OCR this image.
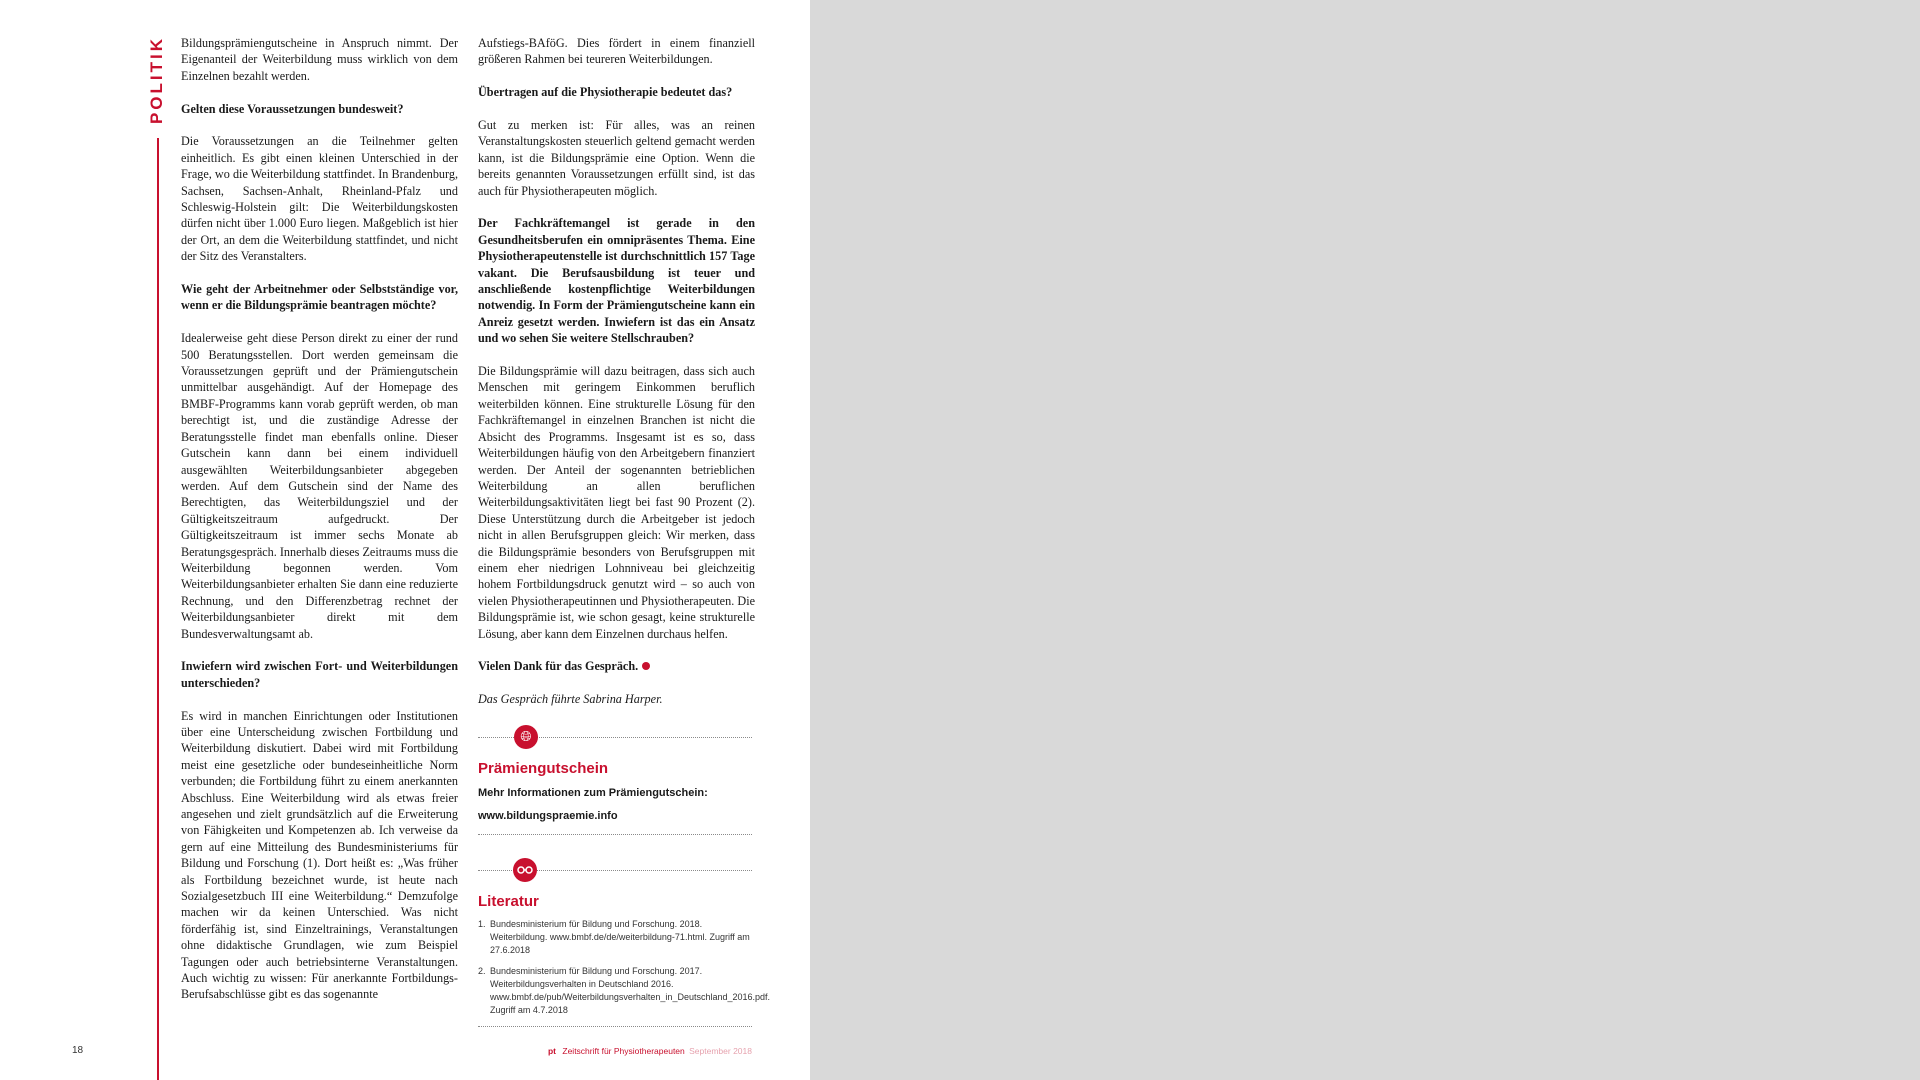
POLITIK Bildungsprämiengutscheine in Anspruch nimmt. Der Eigenanteil der Weiterbildung muss wirklich von dem Einzelnen bezahlt werden.

Gelten diese Voraussetzungen bundesweit?

Die Voraussetzungen an die Teilnehmer gelten einheitlich. Es gibt einen kleinen Unterschied in der Frage, wo die Weiterbildung stattfindet. In Brandenburg, Sachsen, Sachsen-Anhalt, Rheinland-Pfalz und Schleswig-Holstein gilt: Die Weiterbildungskosten dürfen nicht über 1.000 Euro liegen. Maßgeblich ist hier der Ort, an dem die Weiterbildung stattfindet, und nicht der Sitz des Veranstalters.

Wie geht der Arbeitnehmer oder Selbstständige vor, wenn er die Bildungsprämie beantragen möchte?

Idealerweise geht diese Person direkt zu einer der rund 500 Beratungsstellen. Dort werden gemeinsam die Voraussetzungen geprüft und der Prämiengutschein unmittelbar ausgehändigt. Auf der Homepage des BMBF-Programms kann vorab geprüft werden, ob man berechtigt ist, und die zuständige Adresse der Beratungsstelle findet man ebenfalls online. Dieser Gutschein kann dann bei einem individuell ausgewählten Weiterbildungsanbieter abgegeben werden. Auf dem Gutschein sind der Name des Berechtigten, das Weiterbildungsziel und der Gültigkeitszeitraum aufgedruckt. Der Gültigkeitszeitraum ist immer sechs Monate ab Beratungsgespräch. Innerhalb dieses Zeitraums muss die Weiterbildung begonnen werden. Vom Weiterbildungsanbieter erhalten Sie dann eine reduzierte Rechnung, und den Differenzbetrag rechnet der Weiterbildungsanbieter direkt mit dem Bundesverwaltungsamt ab.

Inwiefern wird zwischen Fort- und Weiterbildungen unterschieden?

Es wird in manchen Einrichtungen oder Institutionen über eine Unterscheidung zwischen Fortbildung und Weiterbildung diskutiert. Dabei wird mit Fortbildung meist eine gesetzliche oder bundeseinheitliche Norm verbunden; die Fortbildung führt zu einem anerkannten Abschluss. Eine Weiterbildung wird als etwas freier angesehen und zielt grundsätzlich auf die Erweiterung von Fähigkeiten und Kompetenzen ab. Ich verweise da gern auf eine Mitteilung des Bundesministeriums für Bildung und Forschung (1). Dort heißt es: „Was früher als Fortbildung bezeichnet wurde, ist heute nach Sozialgesetzbuch III eine Weiterbildung.“ Demzufolge machen wir da keinen Unterschied. Was nicht förderfähig ist, sind Einzeltrainings, Veranstaltungen ohne didaktische Grundlagen, wie zum Beispiel Tagungen oder auch betriebsinterne Veranstaltungen. Auch wichtig zu wissen: Für anerkannte Fortbildungs-Berufsabschlüsse gibt es das sogenannte

Aufstiegs-BAföG. Dies fördert in einem finanziell größeren Rahmen bei teureren Weiterbildungen.

Übertragen auf die Physiotherapie bedeutet das?

Gut zu merken ist: Für alles, was an reinen Veranstaltungskosten steuerlich geltend gemacht werden kann, ist die Bildungsprämie eine Option. Wenn die bereits genannten Voraussetzungen erfüllt sind, ist das auch für Physiotherapeuten möglich.

Der Fachkräftemangel ist gerade in den Gesundheitsberufen ein omnipräsentes Thema. Eine Physiotherapeutenstelle ist durchschnittlich 157 Tage vakant. Die Berufsausbildung ist teuer und anschließende kostenpflichtige Weiterbildungen notwendig. In Form der Prämiengutscheine kann ein Anreiz gesetzt werden. Inwiefern ist das ein Ansatz und wo sehen Sie weitere Stellschrauben?

Die Bildungsprämie will dazu beitragen, dass sich auch Menschen mit geringem Einkommen beruflich weiterbilden können. Eine strukturelle Lösung für den Fachkräftemangel in einzelnen Branchen ist nicht die Absicht des Programms. Insgesamt ist es so, dass Weiterbildungen häufig von den Arbeitgebern finanziert werden. Der Anteil der sogenannten betrieblichen Weiterbildung an allen beruflichen Weiterbildungsaktivitäten liegt bei fast 90 Prozent (2). Diese Unterstützung durch die Arbeitgeber ist jedoch nicht in allen Berufsgruppen gleich: Wir merken, dass die Bildungsprämie besonders von Berufsgruppen mit einem eher niedrigen Lohnniveau bei gleichzeitig hohem Fortbildungsdruck genutzt wird – so auch von vielen Physiotherapeutinnen und Physiotherapeuten. Die Bildungsprämie ist, wie schon gesagt, keine strukturelle Lösung, aber kann dem Einzelnen durchaus helfen.

Vielen Dank für das Gespräch.

Das Gespräch führte Sabrina Harper.

🌐︎
Prämiengutschein
Mehr Informationen zum Prämiengutschein:
www.bildungspraemie.info
Literatur
1. Bundesministerium für Bildung und Forschung. 2018. Weiterbildung. www.bmbf.de/de/weiterbildung-71.html. Zugriff am 27.6.2018
2. Bundesministerium für Bildung und Forschung. 2017. Weiterbildungsverhalten in Deutschland 2016. www.bmbf.de/pub/Weiterbildungsverhalten_in_Deutschland_2016.pdf. Zugriff am 4.7.2018
18	pt Zeitschrift für Physiotherapeuten September 2018
